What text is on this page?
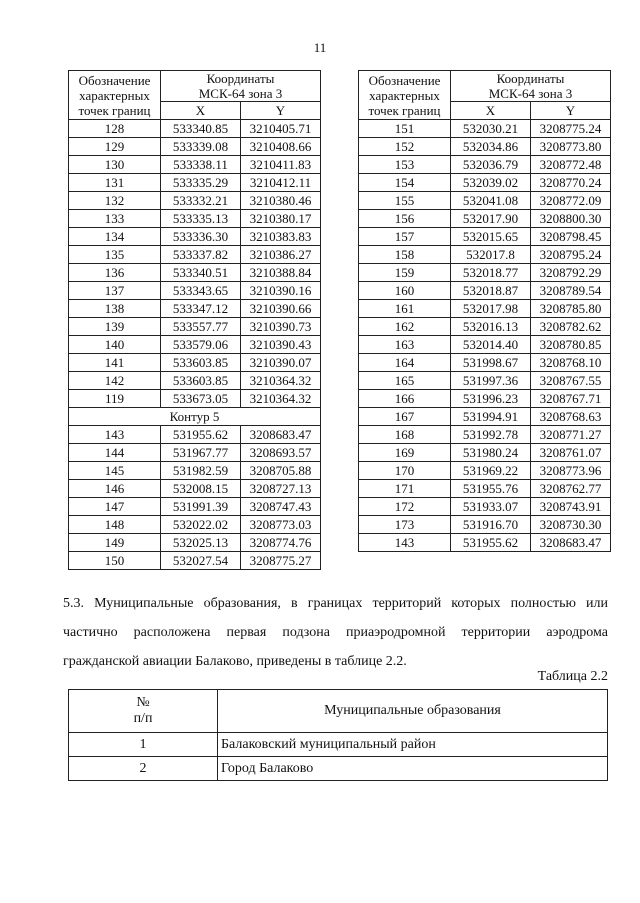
11
Обозначение
характерных
точек границ	Координаты
МСК-64 зона 3	
	X	Y
128	533340.85	3210405.71
129	533339.08	3210408.66
130	533338.11	3210411.83
131	533335.29	3210412.11
132	533332.21	3210380.46
133	533335.13	3210380.17
134	533336.30	3210383.83
135	533337.82	3210386.27
136	533340.51	3210388.84
137	533343.65	3210390.16
138	533347.12	3210390.66
139	533557.77	3210390.73
140	533579.06	3210390.43
141	533603.85	3210390.07
142	533603.85	3210364.32
119	533673.05	3210364.32
Контур 5		
143	531955.62	3208683.47
144	531967.77	3208693.57
145	531982.59	3208705.88
146	532008.15	3208727.13
147	531991.39	3208747.43
148	532022.02	3208773.03
149	532025.13	3208774.76
150	532027.54	3208775.27
Обозначение
характерных
точек границ	Координаты
МСК-64 зона 3	
	X	Y
151	532030.21	3208775.24
152	532034.86	3208773.80
153	532036.79	3208772.48
154	532039.02	3208770.24
155	532041.08	3208772.09
156	532017.90	3208800.30
157	532015.65	3208798.45
158	532017.8	3208795.24
159	532018.77	3208792.29
160	532018.87	3208789.54
161	532017.98	3208785.80
162	532016.13	3208782.62
163	532014.40	3208780.85
164	531998.67	3208768.10
165	531997.36	3208767.55
166	531996.23	3208767.71
167	531994.91	3208768.63
168	531992.78	3208771.27
169	531980.24	3208761.07
170	531969.22	3208773.96
171	531955.76	3208762.77
172	531933.07	3208743.91
173	531916.70	3208730.30
143	531955.62	3208683.47
5.3. Муниципальные образования, в границах территорий которых полностью или частично расположена первая подзона приаэродромной территории аэродрома гражданской авиации Балаково, приведены в таблице 2.2.
Таблица 2.2
№
п/п	Муниципальные образования
1	Балаковский муниципальный район
2	Город Балаково
